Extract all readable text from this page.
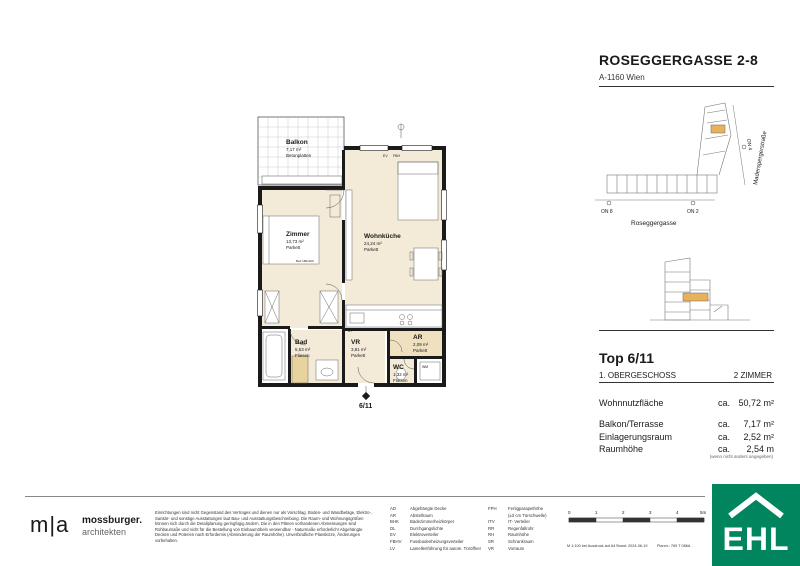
Balkon
7,17 m²
Betonplatten
Zimmer
13,73 m²
Parkett
Bett 180x200
Wohnküche
24,24 m²
Parkett
Bad
5,53 m²
Fliesen
VR
3,81 m²
Parkett
AR
2,09 m²
Parkett
WC
1,32 m²
Fliesen
EV FBH
WM
GT
6/11
ON 8	ON 2
ON 4
Roseggergasse
Maderspergerstraße
ROSEGGERGASSE 2-8
A-1160 Wien
Top 6/11
1. OBERGESCHOSS	2 ZIMMER
Wohnnutzfläche	ca. 50,72 m²
Balkon/Terrasse	ca. 7,17 m²
Einlagerungsraum	ca. 2,52 m²
Raumhöhe	ca. 2,54 m
(wenn nicht anders angegeben)
m|a mossburger.
architekten
Einrichtungen sind nicht Gegenstand des Vertrages und dienen nur als Vorschlag. Boden- und Wandbeläge, Elektro-, Sanitär- und sonstige Ausstattungen laut Bau- und Ausstattungsbeschreibung. Die Raum- und Wohnungsgrößen können sich durch die Detailplanung geringfügig ändern. Die in den Plänen vorhandenen Abmessungen sind Rohbaumaße und nicht für die Bestellung von Einbaumöbeln verwendbar - Naturmaße erforderlich! Abgehängte Decken und Poterien nach Erfordernis (Abminderung der Raumhöhe). Unverbindliche Planskizze, Änderungen vorbehalten.
AD	Abgehängte Decke
AR	Abstellraum
BHK	Badezimmerheizkörper
DL	Durchgangslichte
EV	Elektroverteiler
FBHV Fussbodenheizungsverteiler
LV	Lamellenführung für autom. Türöffner
FPH	Fertigparapethöhe
(±3 cm Türschwelle)
ITV	IT- Verteiler
RR	Regenfallrohr
RH	Raumhöhe
SR	Schrankraum
VR	Vorraum
0	1	2	3	4	5m
M 1:100 bei Ausdruck auf A4 Stand: 2024-06-19	Plannr.: 769 T 086A	EHL
